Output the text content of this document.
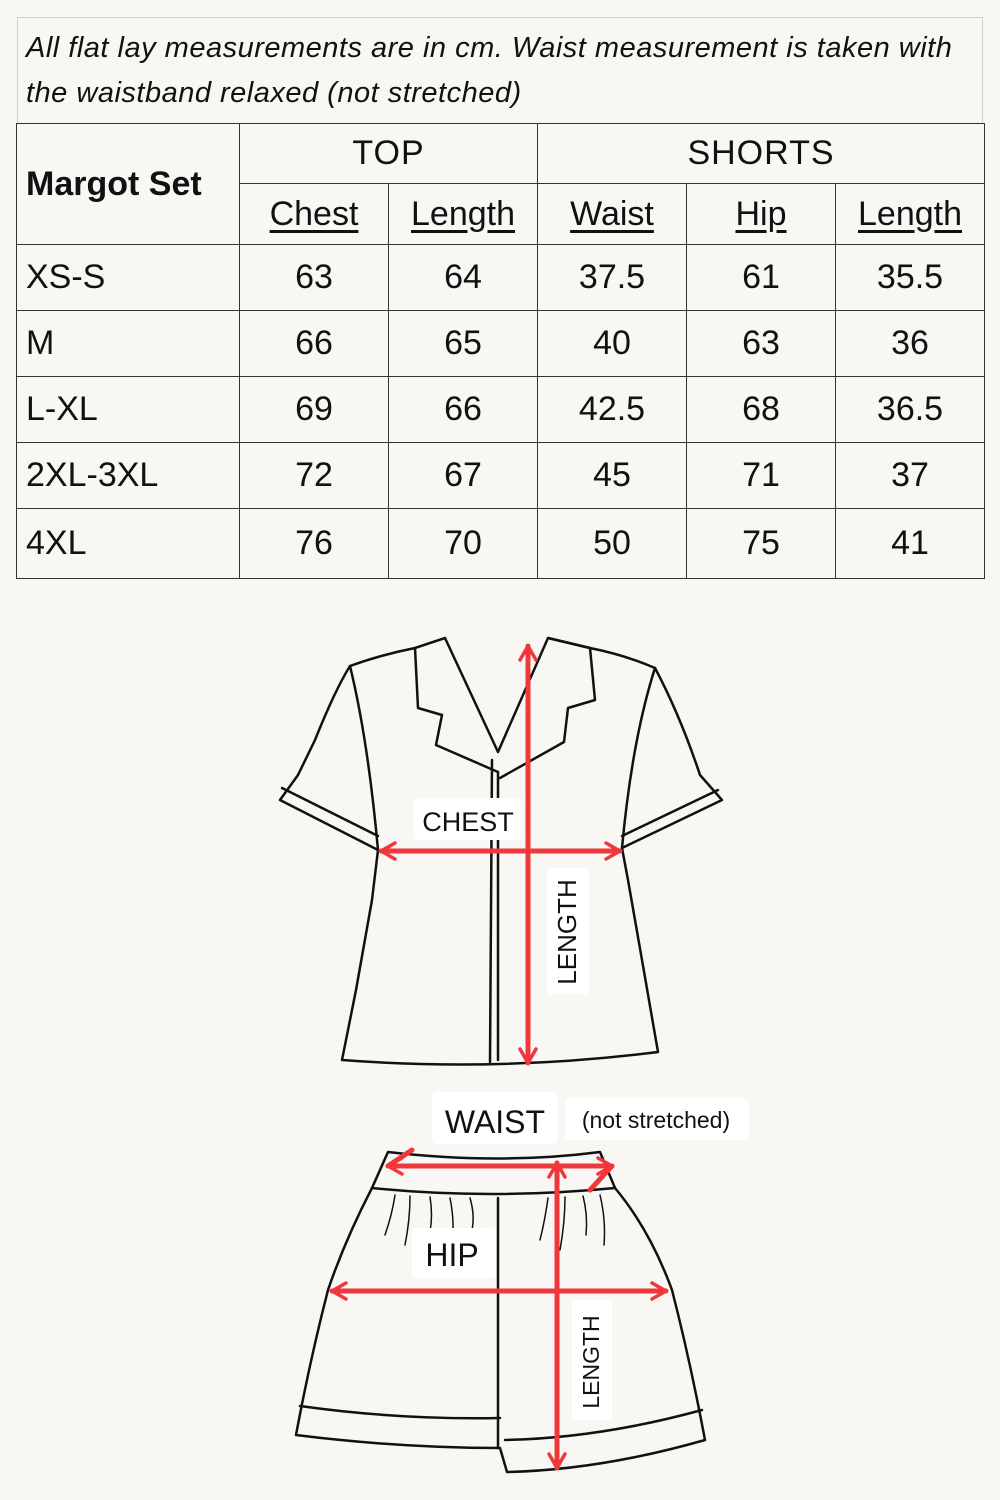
All flat lay measurements are in cm. Waist measurement is taken with the waistband relaxed (not stretched)

Margot Set	TOP		SHORTS		
	Chest	Length	Waist	Hip	Length
XS-S	63	64	37.5	61	35.5
M	66	65	40	63	36
L-XL	69	66	42.5	68	36.5
2XL-3XL	72	67	45	71	37
4XL	76	70	50	75	41
CHEST
LENGTH
WAIST (not stretched)
HIP
LENGTH
